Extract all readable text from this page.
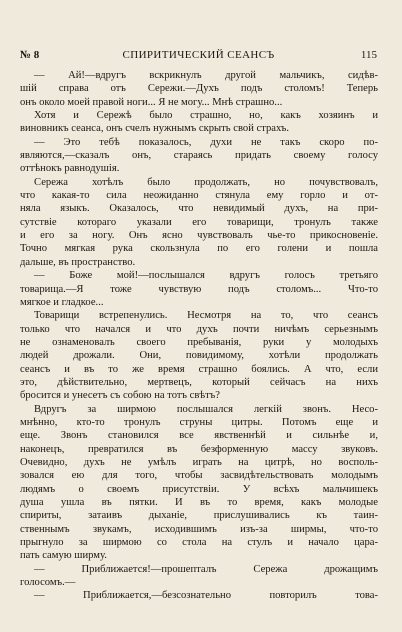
№ 8	СПИРИТИЧЕСКИЙ СЕАНСЪ	115
— Ай!—вдругъ вскрикнулъ другой мальчикъ, сидѣв-
шій справа отъ Сережи.—Духъ подъ столомъ! Теперь
онъ около моей правой ноги... Я не могу... Мнѣ страшно...
Хотя и Сережѣ было страшно, но, какъ хозяинъ и
виновникъ сеанса, онъ счелъ нужнымъ скрыть свой страхъ.
— Это тебѣ показалось, духи не такъ скоро по-
являются,—сказалъ онъ, стараясь придать своему голосу
оттѣнокъ равнодушія.
Сережа хотѣлъ было продолжать, но почувствовалъ,
что какая-то сила неожиданно стянула ему горло и от-
няла языкъ. Оказалось, что невидимый духъ, на при-
сутствіе котораго указали его товарищи, тронулъ также
и его за ногу. Онъ ясно чувствовалъ чье-то прикосновеніе.
Точно мягкая рука скользнула по его голени и пошла
дальше, въ пространство.
— Боже мой!—послышался вдругъ голосъ третьяго
товарища.—Я тоже чувствую подъ столомъ... Что-то
мягкое и гладкое...
Товарищи встрепенулись. Несмотря на то, что сеансъ
только что начался и что духъ почти ничѣмъ серьезнымъ
не ознаменовалъ своего пребыванія, руки у молодыхъ
людей дрожали. Они, повидимому, хотѣли продолжать
сеансъ и въ то же время страшно боялись. А что, если
это, дѣйствительно, мертвецъ, который сейчасъ на нихъ
бросится и унесетъ съ собою на тотъ свѣтъ?
Вдругъ за ширмою послышался легкій звонъ. Несо-
мнѣнно, кто-то тронулъ струны цитры. Потомъ еще и
еще. Звонъ становился все явственнѣй и сильнѣе и,
наконецъ, превратился въ безформенную массу звуковъ.
Очевидно, духъ не умѣлъ играть на цитрѣ, но восполь-
зовался ею для того, чтобы засвидѣтельствовать молодымъ
людямъ о своемъ присутствіи. У всѣхъ мальчишекъ
душа ушла въ пятки. И въ то время, какъ молодые
спириты, затаивъ дыханіе, прислушивались къ таин-
ственнымъ звукамъ, исходившимъ изъ-за ширмы, что-то
прыгнуло за ширмою со стола на стулъ и начало цара-
пать самую ширму.
— Приближается!—прошепталъ Сережа дрожащимъ
голосомъ.—
— Приближается,—безсознательно повторилъ това-
